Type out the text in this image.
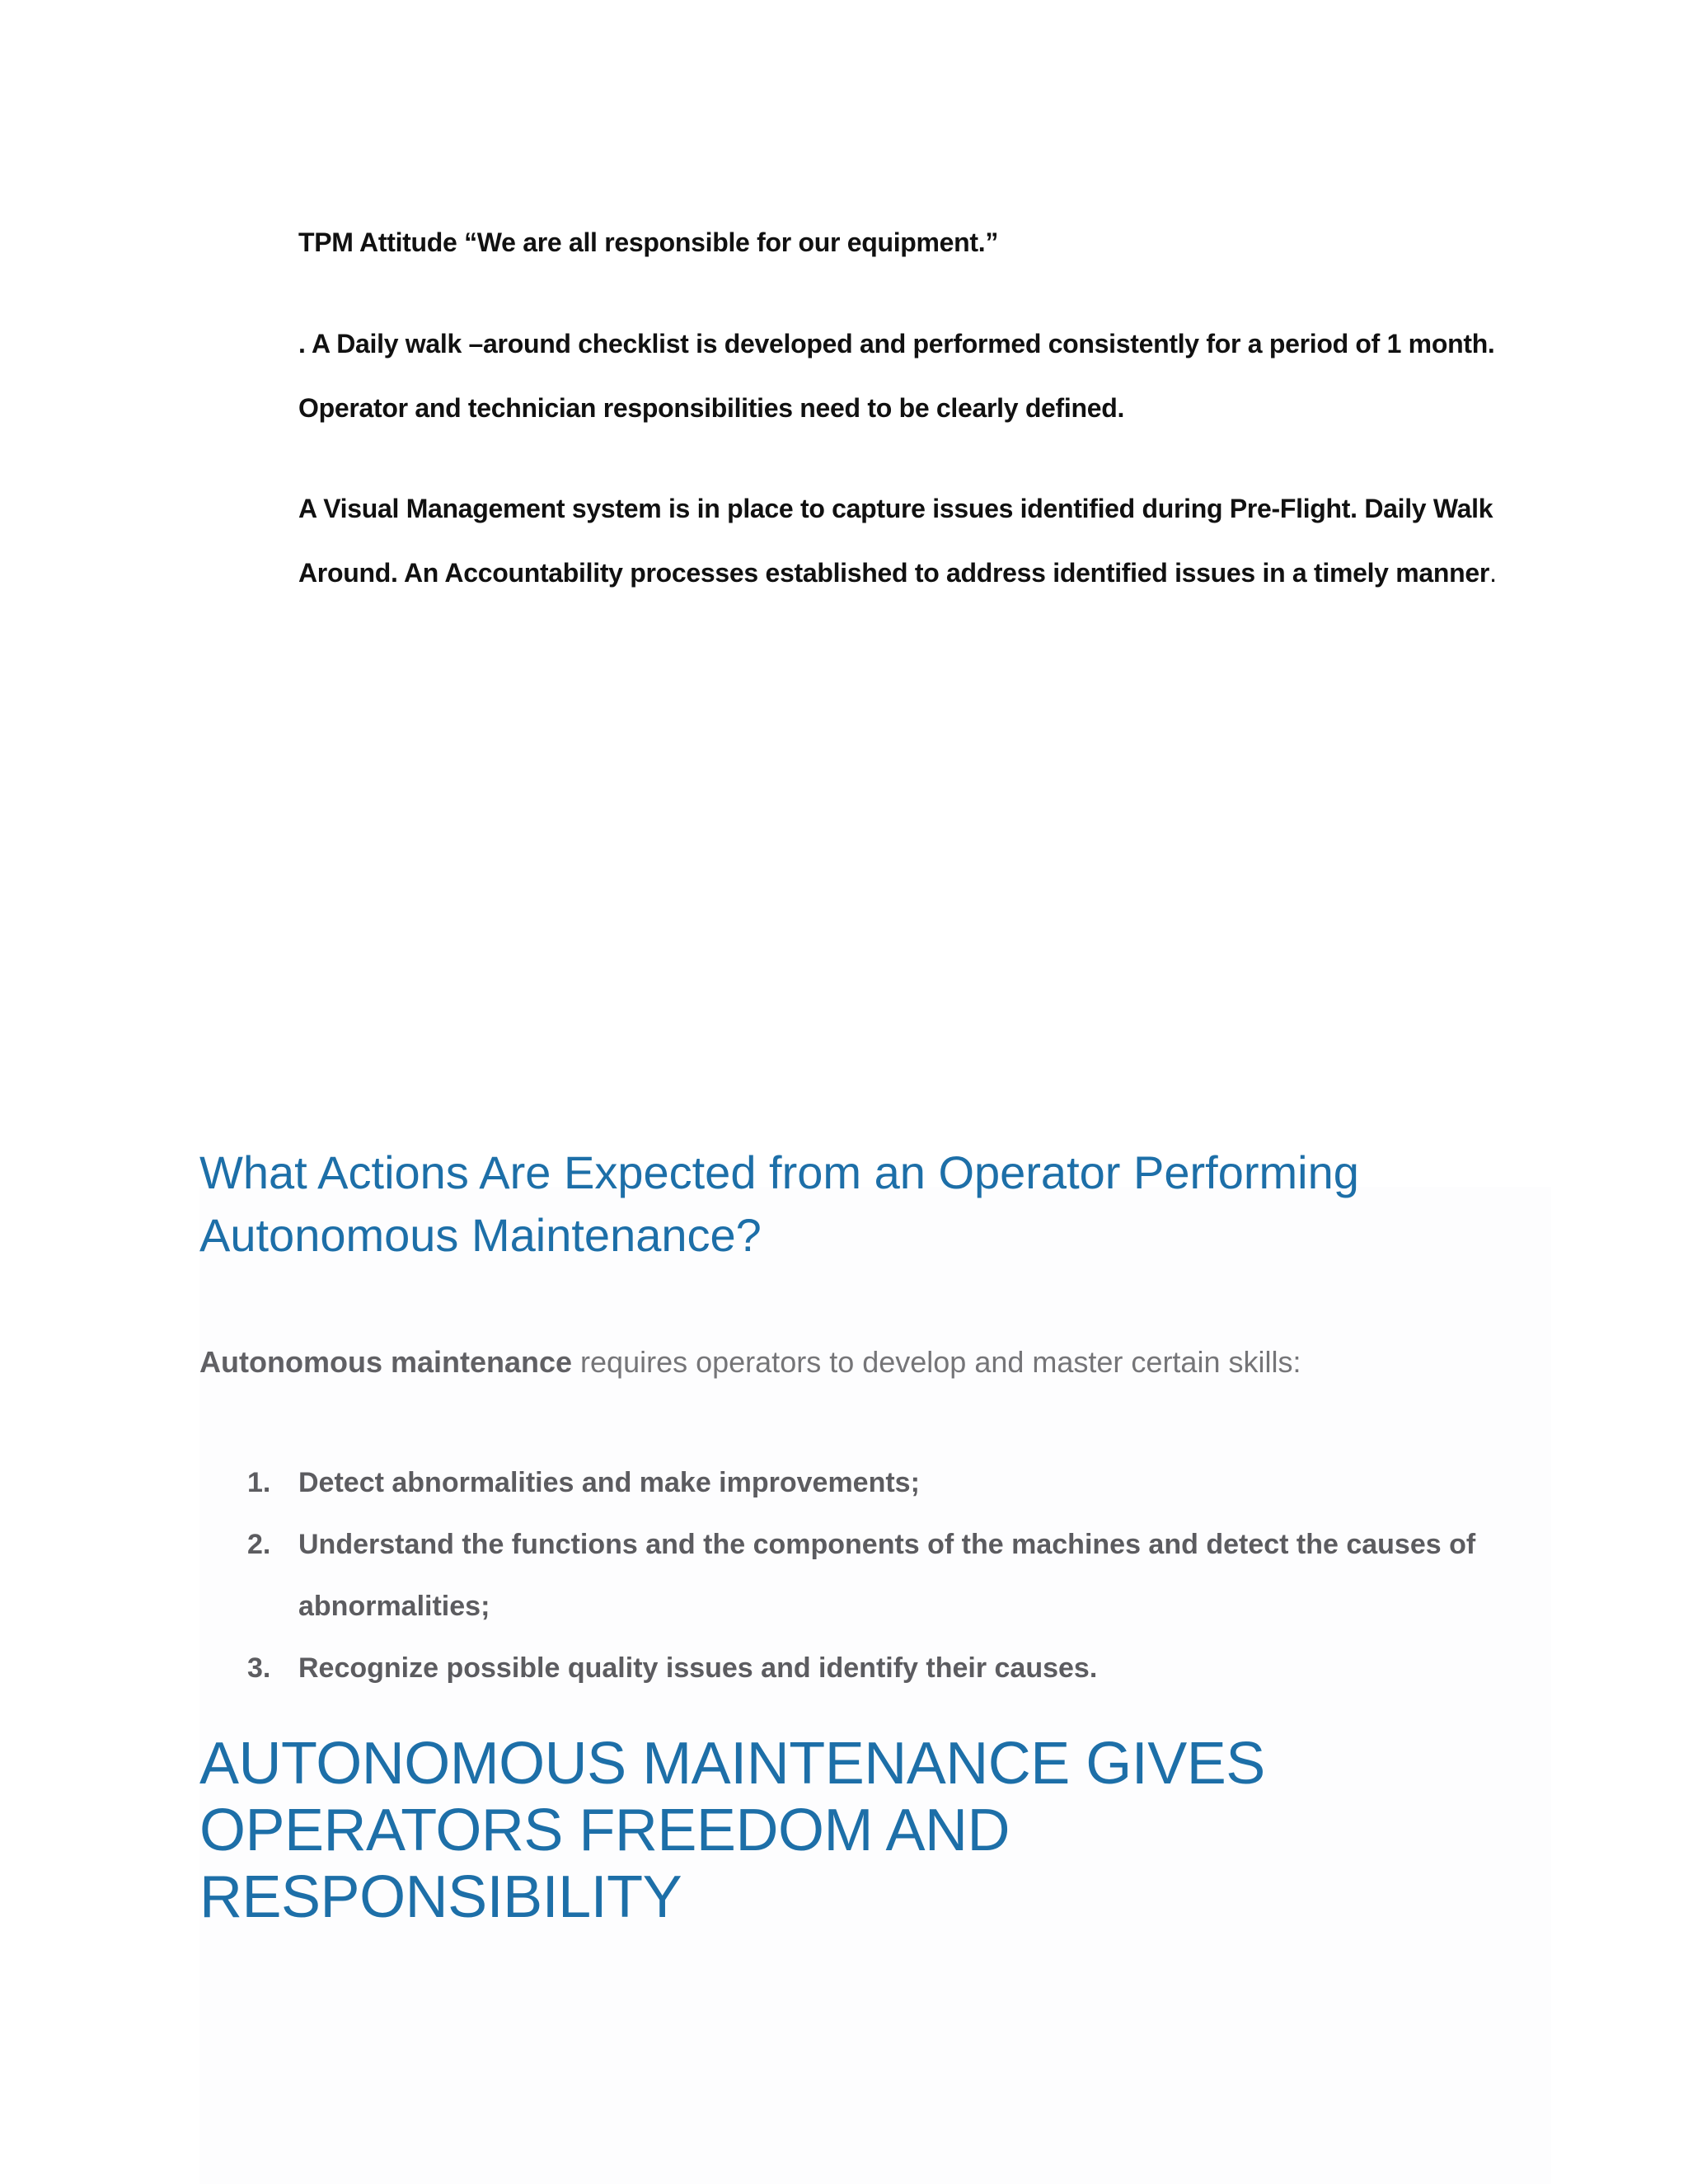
TPM Attitude “We are all responsible for our equipment.”

. A Daily walk –around checklist is developed and performed consistently for a period of 1 month. Operator and technician responsibilities need to be clearly defined.

A Visual Management system is in place to capture issues identified during Pre-Flight. Daily Walk Around. An Accountability processes established to address identified issues in a timely manner.

What Actions Are Expected from an Operator Performing
Autonomous Maintenance?

Autonomous maintenance requires operators to develop and master certain skills:

1. Detect abnormalities and make improvements;
2. Understand the functions and the components of the machines and detect the causes of abnormalities;
3. Recognize possible quality issues and identify their causes.
AUTONOMOUS MAINTENANCE GIVES
OPERATORS FREEDOM AND
RESPONSIBILITY
